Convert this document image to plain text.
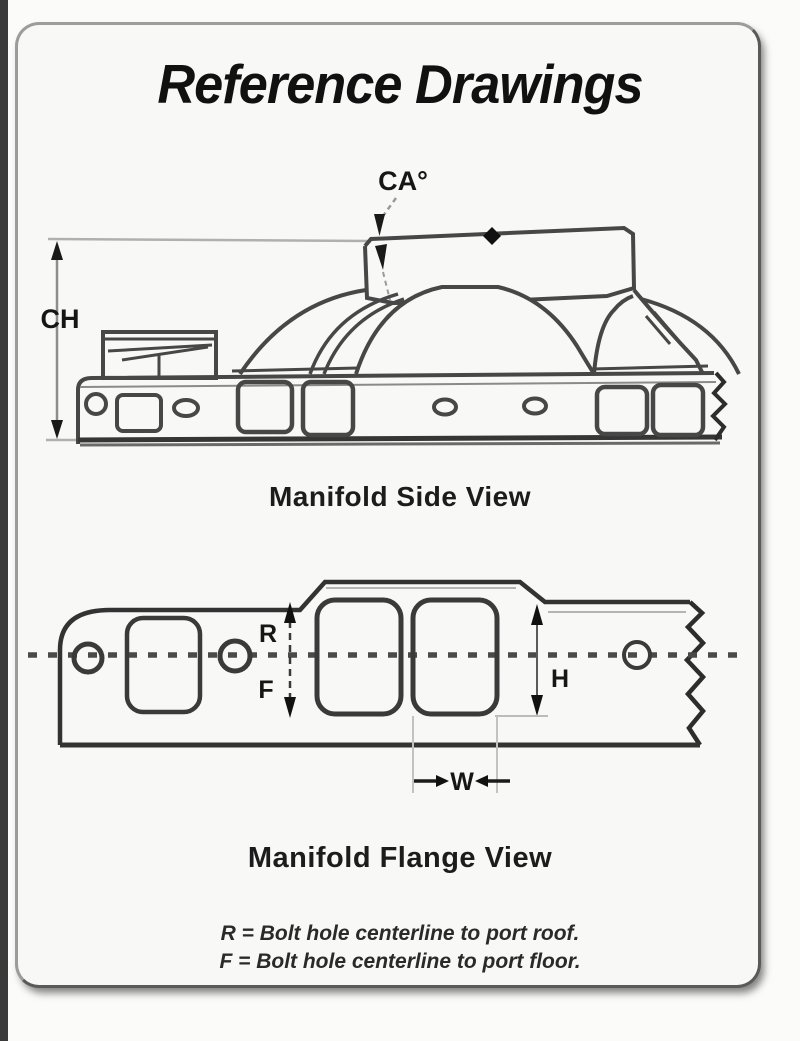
Reference Drawings
CA°
CH
Manifold Side View
R
F	H
W
Manifold Flange View
R = Bolt hole centerline to port roof.
F = Bolt hole centerline to port floor.
